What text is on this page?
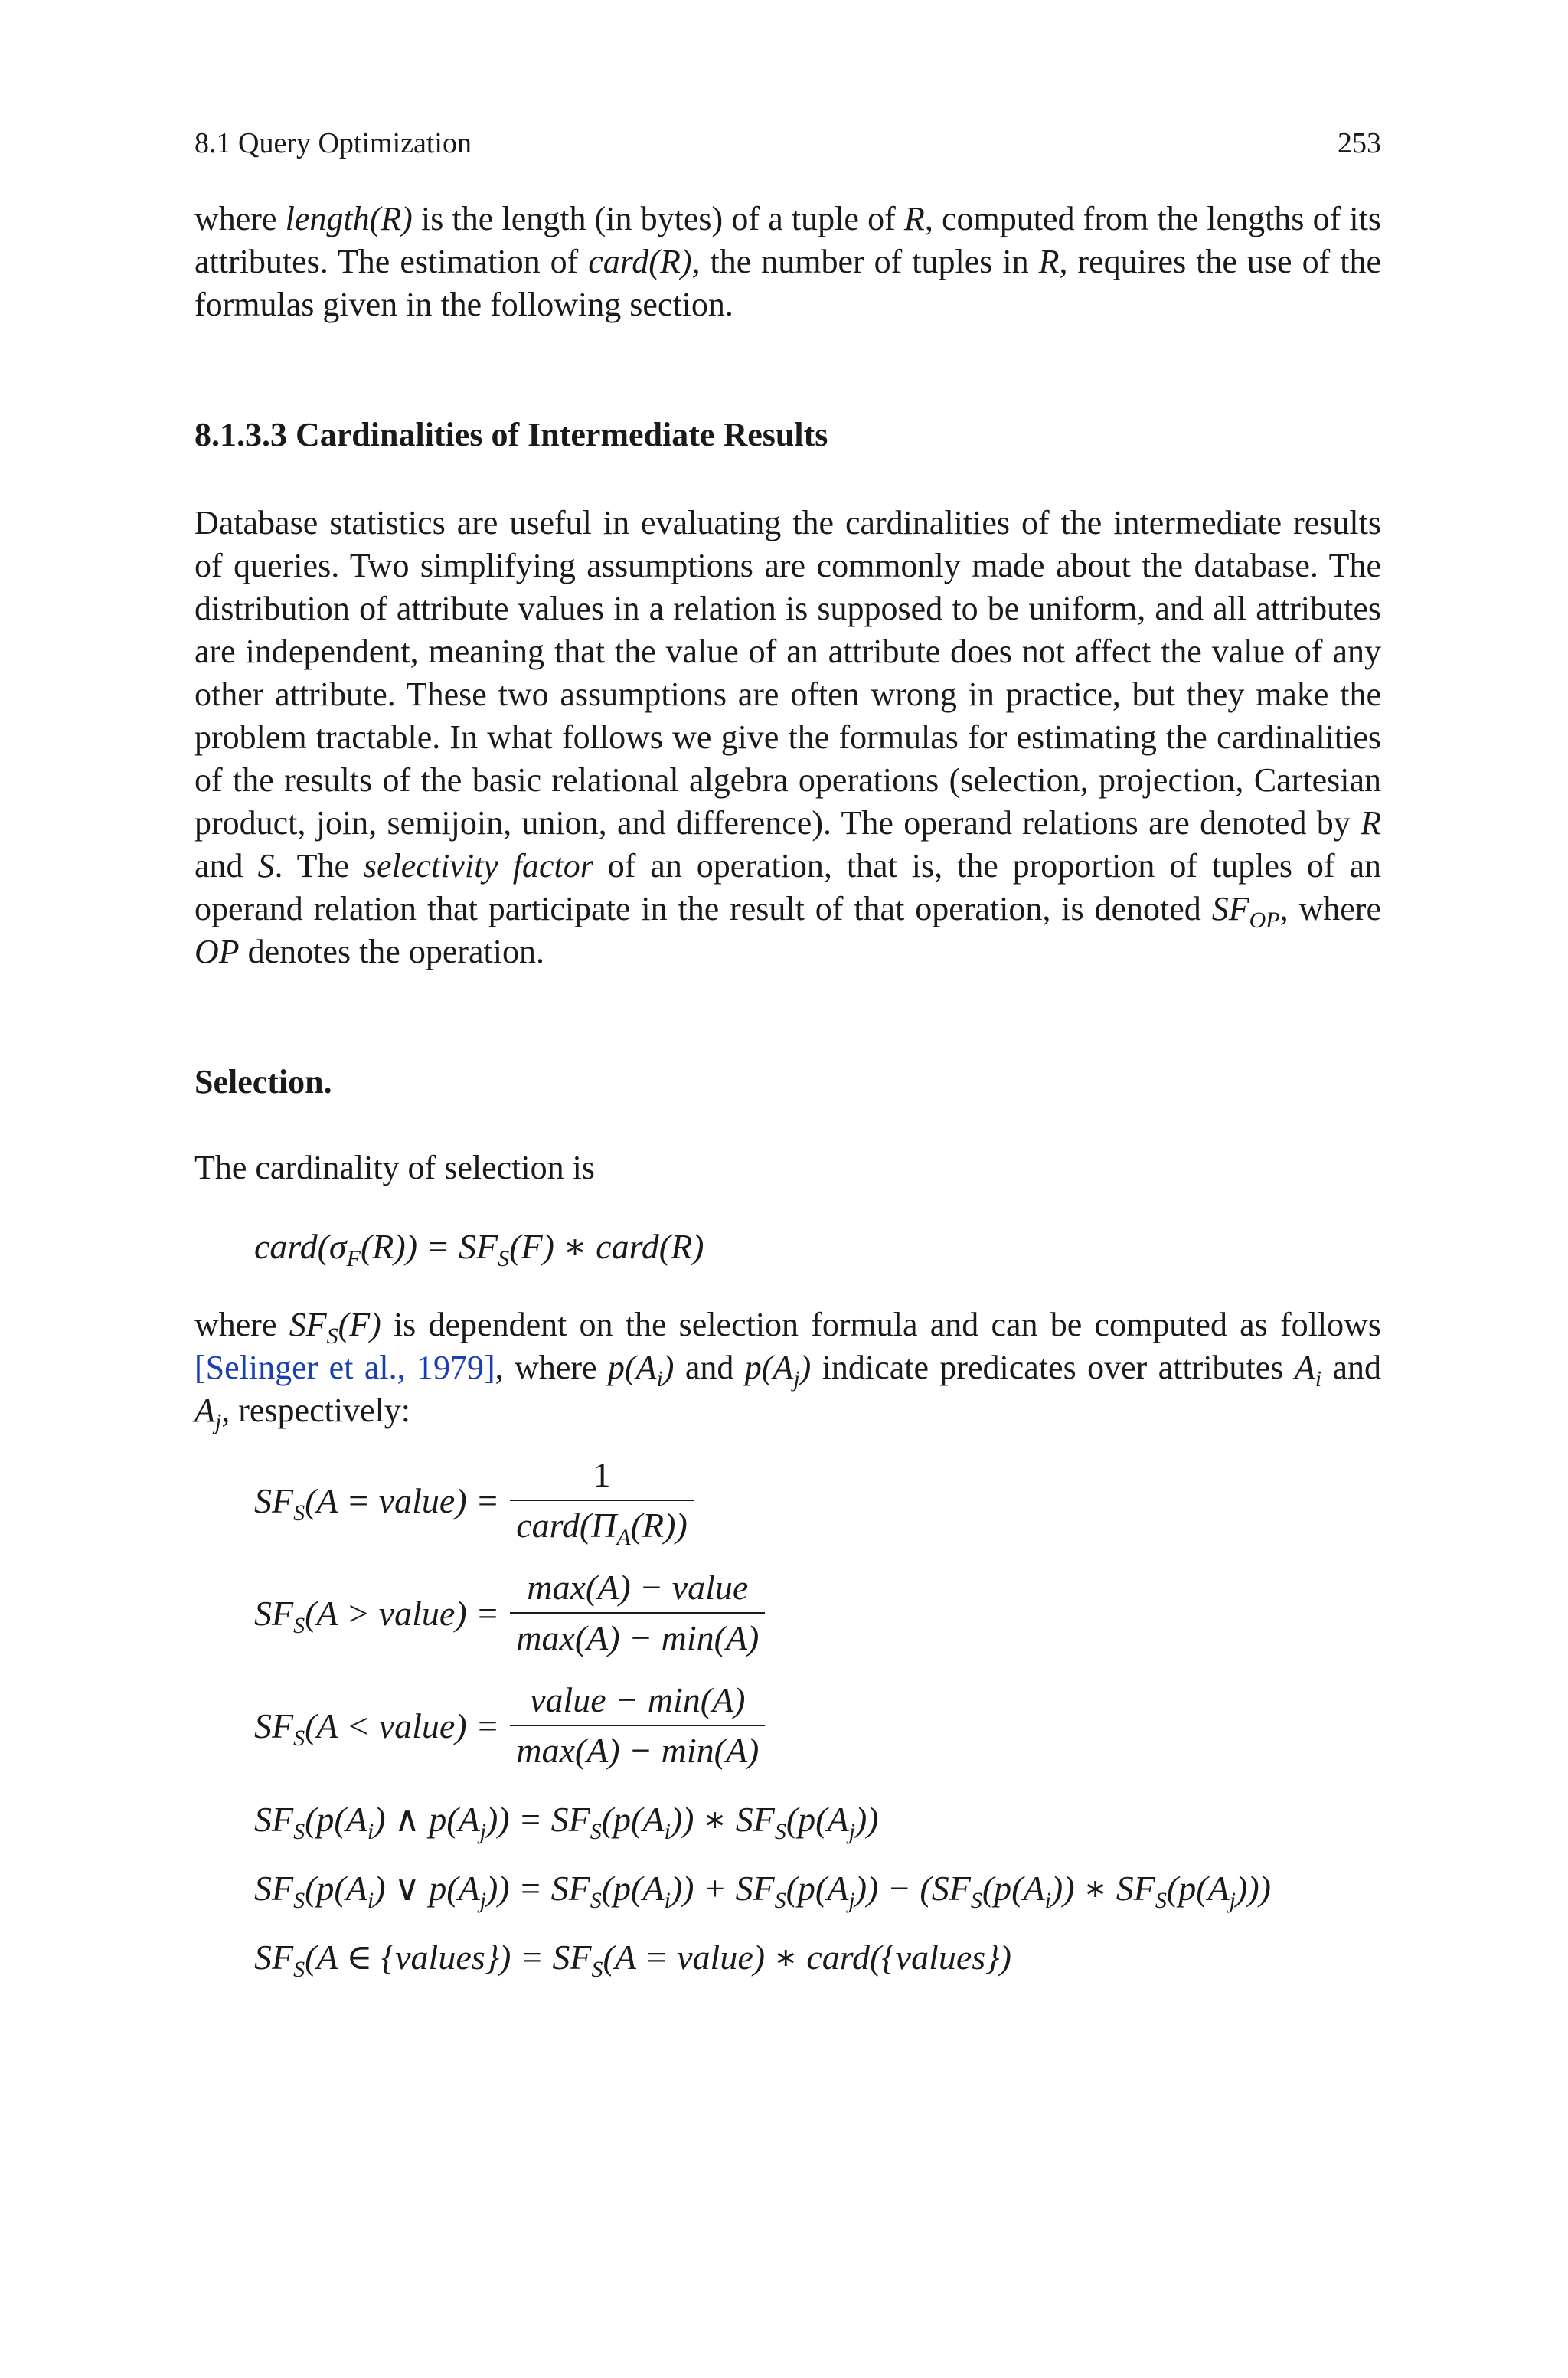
8.1 Query Optimization	253

where length(R) is the length (in bytes) of a tuple of R, computed from the lengths of its attributes. The estimation of card(R), the number of tuples in R, requires the use of the formulas given in the following section.

8.1.3.3 Cardinalities of Intermediate Results

Database statistics are useful in evaluating the cardinalities of the intermediate results of queries. Two simplifying assumptions are commonly made about the database. The distribution of attribute values in a relation is supposed to be uniform, and all attributes are independent, meaning that the value of an attribute does not affect the value of any other attribute. These two assumptions are often wrong in practice, but they make the problem tractable. In what follows we give the formulas for estimating the cardinalities of the results of the basic relational algebra operations (selection, projection, Cartesian product, join, semijoin, union, and difference). The operand relations are denoted by R and S. The selectivity factor of an operation, that is, the proportion of tuples of an operand relation that participate in the result of that operation, is denoted $SF_{OP}$, where OP denotes the operation.

Selection.
The cardinality of selection is
$card(\sigma_F(R)) = SF_S(F)$ ∗ card(R)

where $SF_S(F)$ is dependent on the selection formula and can be computed as follows [Selinger et al., 1979], where $p(A_i)$ and $p(A_j)$ indicate predicates over attributes $A_i$ and $A_j$, respectively:

$SF_S(A$ = value) = $\frac{1}{card(\Pi_A(R))}$
$SF_S(A$ > value) = $\frac{\text{max(A) − value}}{\max(A) - \min(A)}$
$SF_S(A$ < value) = $\frac{\text{value − min(A)}}{\max(A) - \min(A)}$
$SF_S(p(A_i)$ ∧ $p(A_j)) = SF_S(p(A_i))$ ∗ $SF_S(p(A_j))$
$SF_S(p(A_i)$ ∨ $p(A_j)) = SF_S(p(A_i)) + SF_S(p(A_j)) - (SF_S(p(A_i))$ ∗ $SF_S(p(A_j))$)
$SF_S(A$ ∈ {values}) = $SF_S(A$ = value) ∗ card({values})
